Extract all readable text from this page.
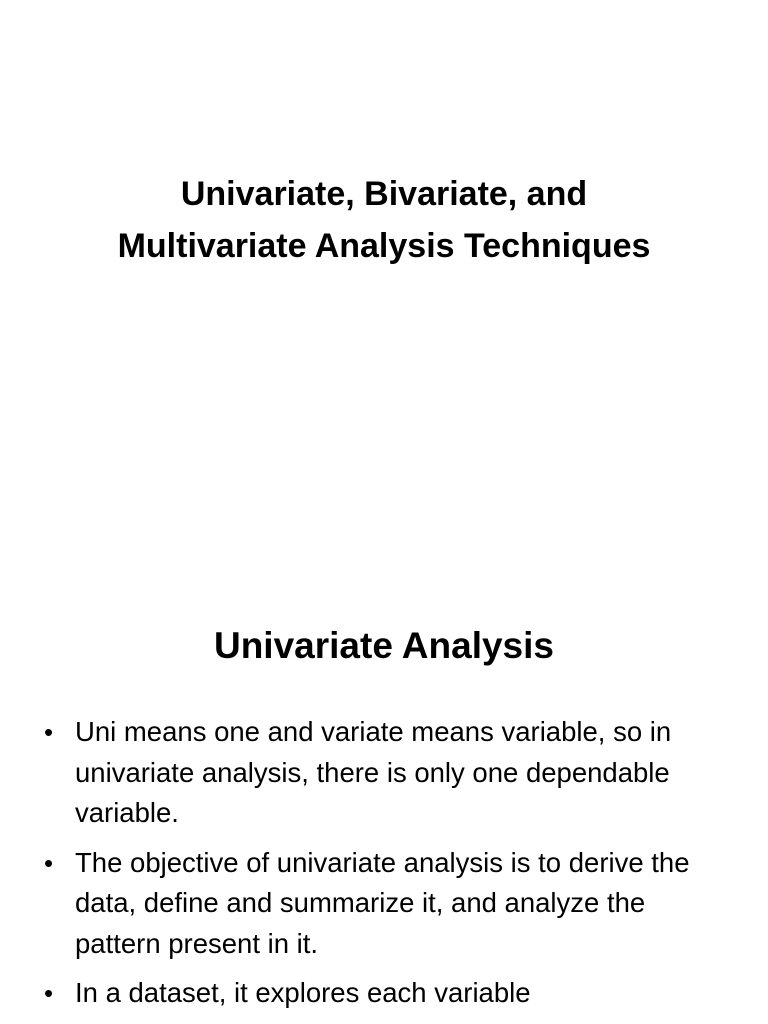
Univariate, Bivariate, and
Multivariate Analysis Techniques
Univariate Analysis
• Uni means one and variate means variable, so in univariate analysis, there is only one dependable variable.
• The objective of univariate analysis is to derive the data, define and summarize it, and analyze the pattern present in it.
• In a dataset, it explores each variable
